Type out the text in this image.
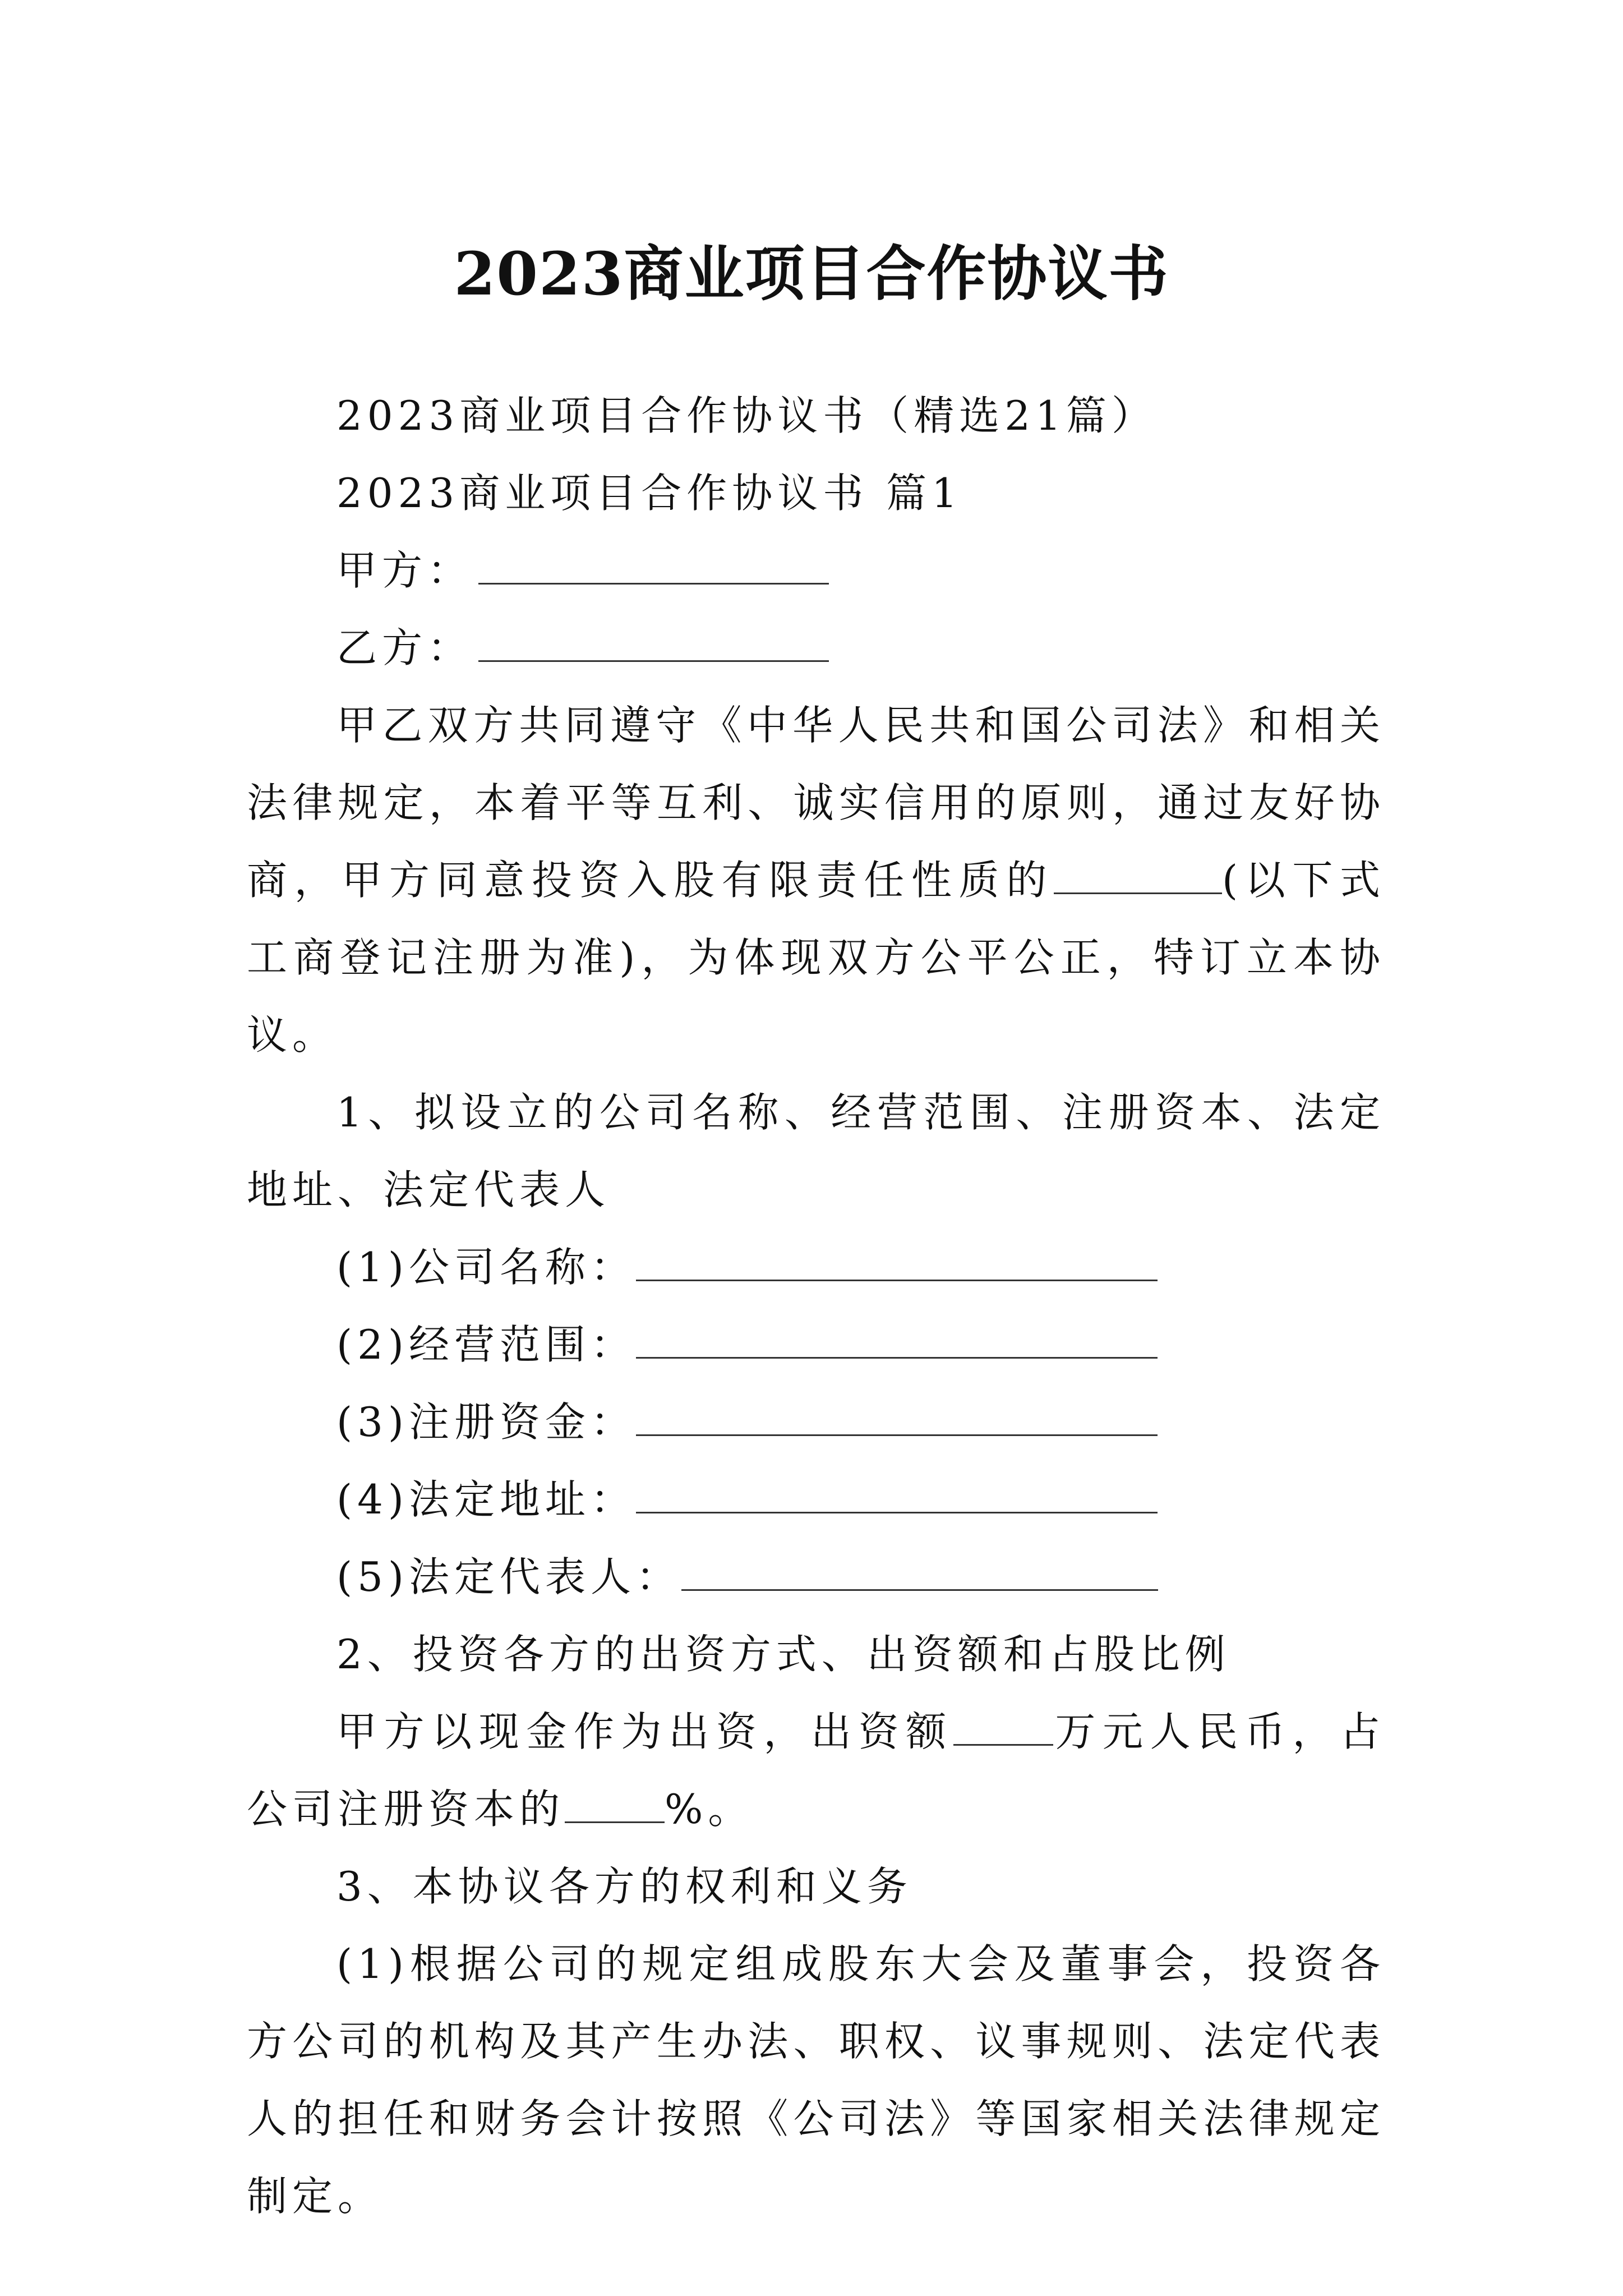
2023商业项目合作协议书

2023商业项目合作协议书（精选21篇）

2023商业项目合作协议书 篇1

甲方：

乙方：

甲乙双方共同遵守《中华人民共和国公司法》和相关法律规定，本着平等互利、诚实信用的原则，通过友好协商，甲方同意投资入股有限责任性质的	(以下式工商登记注册为准)，为体现双方公平公正，特订立本协议。

1、拟设立的公司名称、经营范围、注册资本、法定地址、法定代表人

(1)公司名称：

(2)经营范围：

(3)注册资金：

(4)法定地址：

(5)法定代表人：

2、投资各方的出资方式、出资额和占股比例

甲方以现金作为出资，出资额 万元人民币，占公司注册资本的 %。

3、本协议各方的权利和义务

(1)根据公司的规定组成股东大会及董事会，投资各方公司的机构及其产生办法、职权、议事规则、法定代表人的担任和财务会计按照《公司法》等国家相关法律规定制定。
